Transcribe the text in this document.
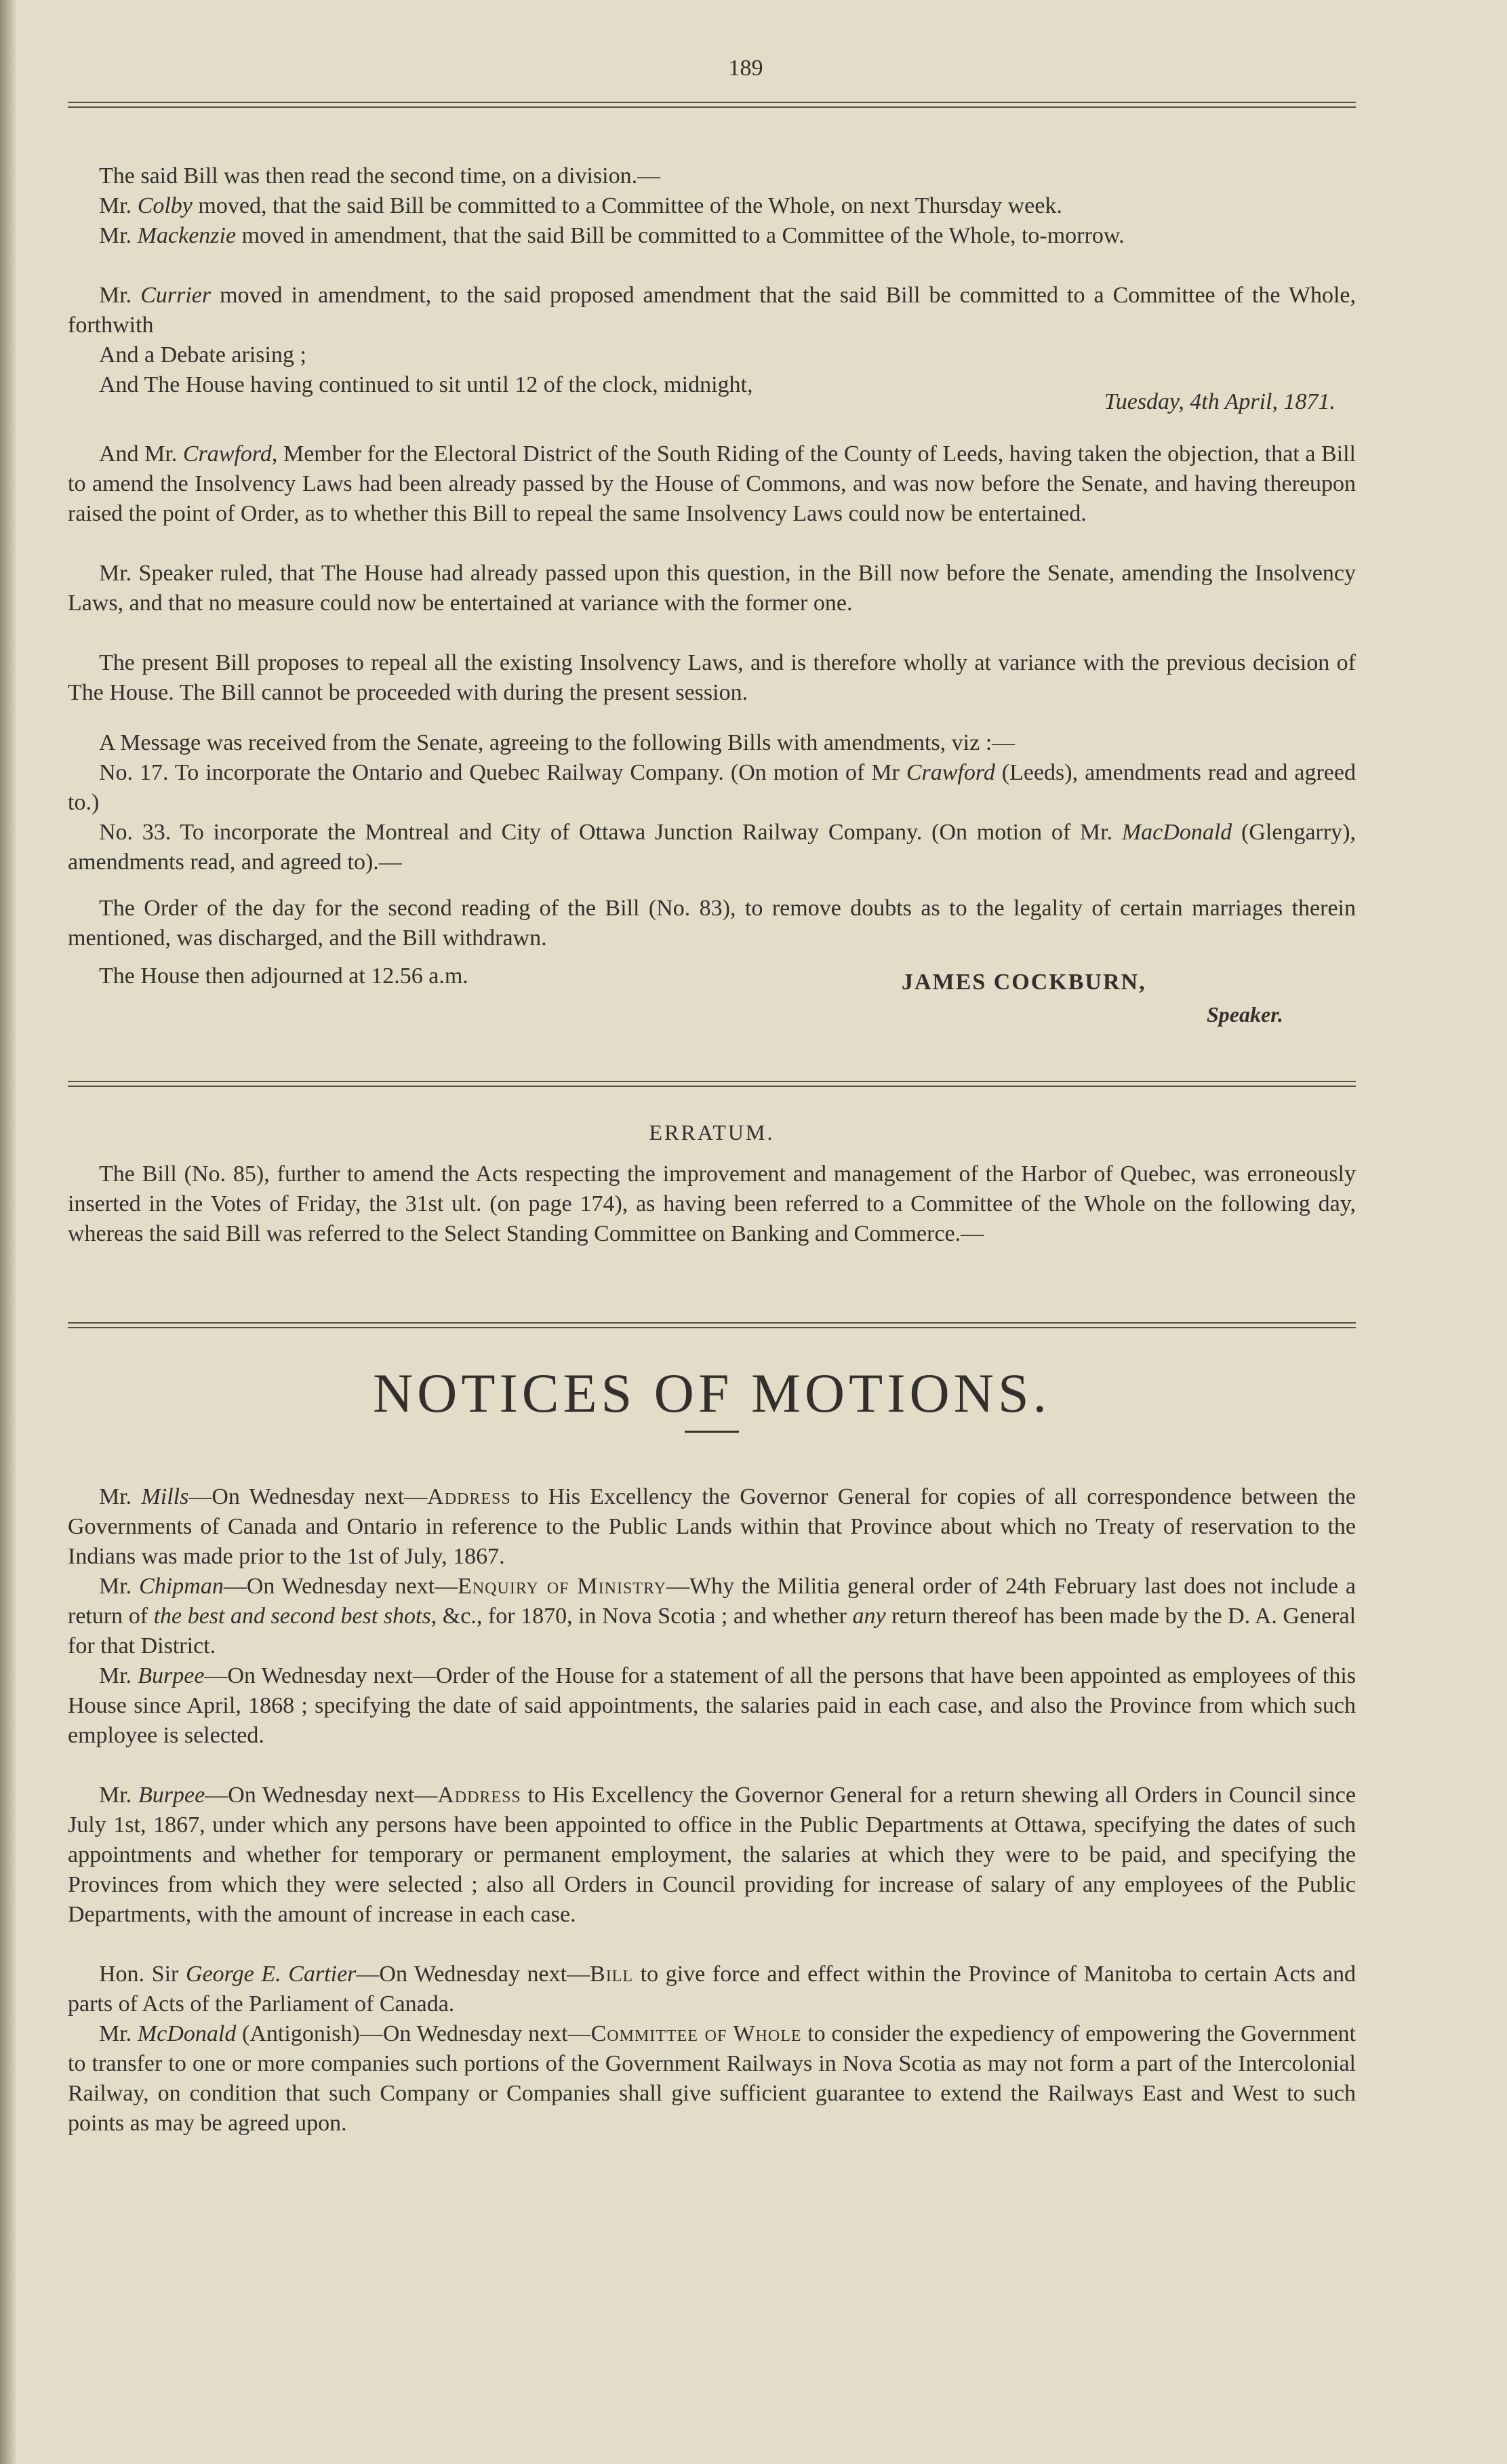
189

The said Bill was then read the second time, on a division.—

Mr. Colby moved, that the said Bill be committed to a Committee of the Whole, on next Thursday week.

Mr. Mackenzie moved in amendment, that the said Bill be committed to a Committee of the Whole, to-morrow.

Mr. Currier moved in amendment, to the said proposed amendment that the said Bill be committed to a Committee of the Whole, forthwith

And a Debate arising ;

And The House having continued to sit until 12 of the clock, midnight,

Tuesday, 4th April, 1871.

And Mr. Crawford, Member for the Electoral District of the South Riding of the County of Leeds, having taken the objection, that a Bill to amend the Insolvency Laws had been already passed by the House of Commons, and was now before the Senate, and having thereupon raised the point of Order, as to whether this Bill to repeal the same Insolvency Laws could now be entertained.

Mr. Speaker ruled, that The House had already passed upon this question, in the Bill now before the Senate, amending the Insolvency Laws, and that no measure could now be entertained at variance with the former one.

The present Bill proposes to repeal all the existing Insolvency Laws, and is therefore wholly at variance with the previous decision of The House. The Bill cannot be proceeded with during the present session.

A Message was received from the Senate, agreeing to the following Bills with amendments, viz :—

No. 17. To incorporate the Ontario and Quebec Railway Company. (On motion of Mr Crawford (Leeds), amendments read and agreed to.)

No. 33. To incorporate the Montreal and City of Ottawa Junction Railway Company. (On motion of Mr. MacDonald (Glengarry), amendments read, and agreed to).—

The Order of the day for the second reading of the Bill (No. 83), to remove doubts as to the legality of certain marriages therein mentioned, was discharged, and the Bill withdrawn.

The House then adjourned at 12.56 a.m.	JAMES COCKBURN,
Speaker.
ERRATUM.

The Bill (No. 85), further to amend the Acts respecting the improvement and management of the Harbor of Quebec, was erroneously inserted in the Votes of Friday, the 31st ult. (on page 174), as having been referred to a Committee of the Whole on the following day, whereas the said Bill was referred to the Select Standing Committee on Banking and Commerce.—

NOTICES OF MOTIONS.

Mr. Mills—On Wednesday next—Address to His Excellency the Governor General for copies of all correspondence between the Governments of Canada and Ontario in reference to the Public Lands within that Province about which no Treaty of reservation to the Indians was made prior to the 1st of July, 1867.

Mr. Chipman—On Wednesday next—Enquiry of Ministry—Why the Militia general order of 24th February last does not include a return of the best and second best shots, &c., for 1870, in Nova Scotia ; and whether any return thereof has been made by the D. A. General for that District.

Mr. Burpee—On Wednesday next—Order of the House for a statement of all the persons that have been appointed as employees of this House since April, 1868 ; specifying the date of said appointments, the salaries paid in each case, and also the Province from which such employee is selected.

Mr. Burpee—On Wednesday next—Address to His Excellency the Governor General for a return shewing all Orders in Council since July 1st, 1867, under which any persons have been appointed to office in the Public Departments at Ottawa, specifying the dates of such appointments and whether for temporary or permanent employment, the salaries at which they were to be paid, and specifying the Provinces from which they were selected ; also all Orders in Council providing for increase of salary of any employees of the Public Departments, with the amount of increase in each case.

Hon. Sir George E. Cartier—On Wednesday next—Bill to give force and effect within the Province of Manitoba to certain Acts and parts of Acts of the Parliament of Canada.

Mr. McDonald (Antigonish)—On Wednesday next—Committee of Whole to consider the expediency of empowering the Government to transfer to one or more companies such portions of the Government Railways in Nova Scotia as may not form a part of the Intercolonial Railway, on condition that such Company or Companies shall give sufficient guarantee to extend the Railways East and West to such points as may be agreed upon.
